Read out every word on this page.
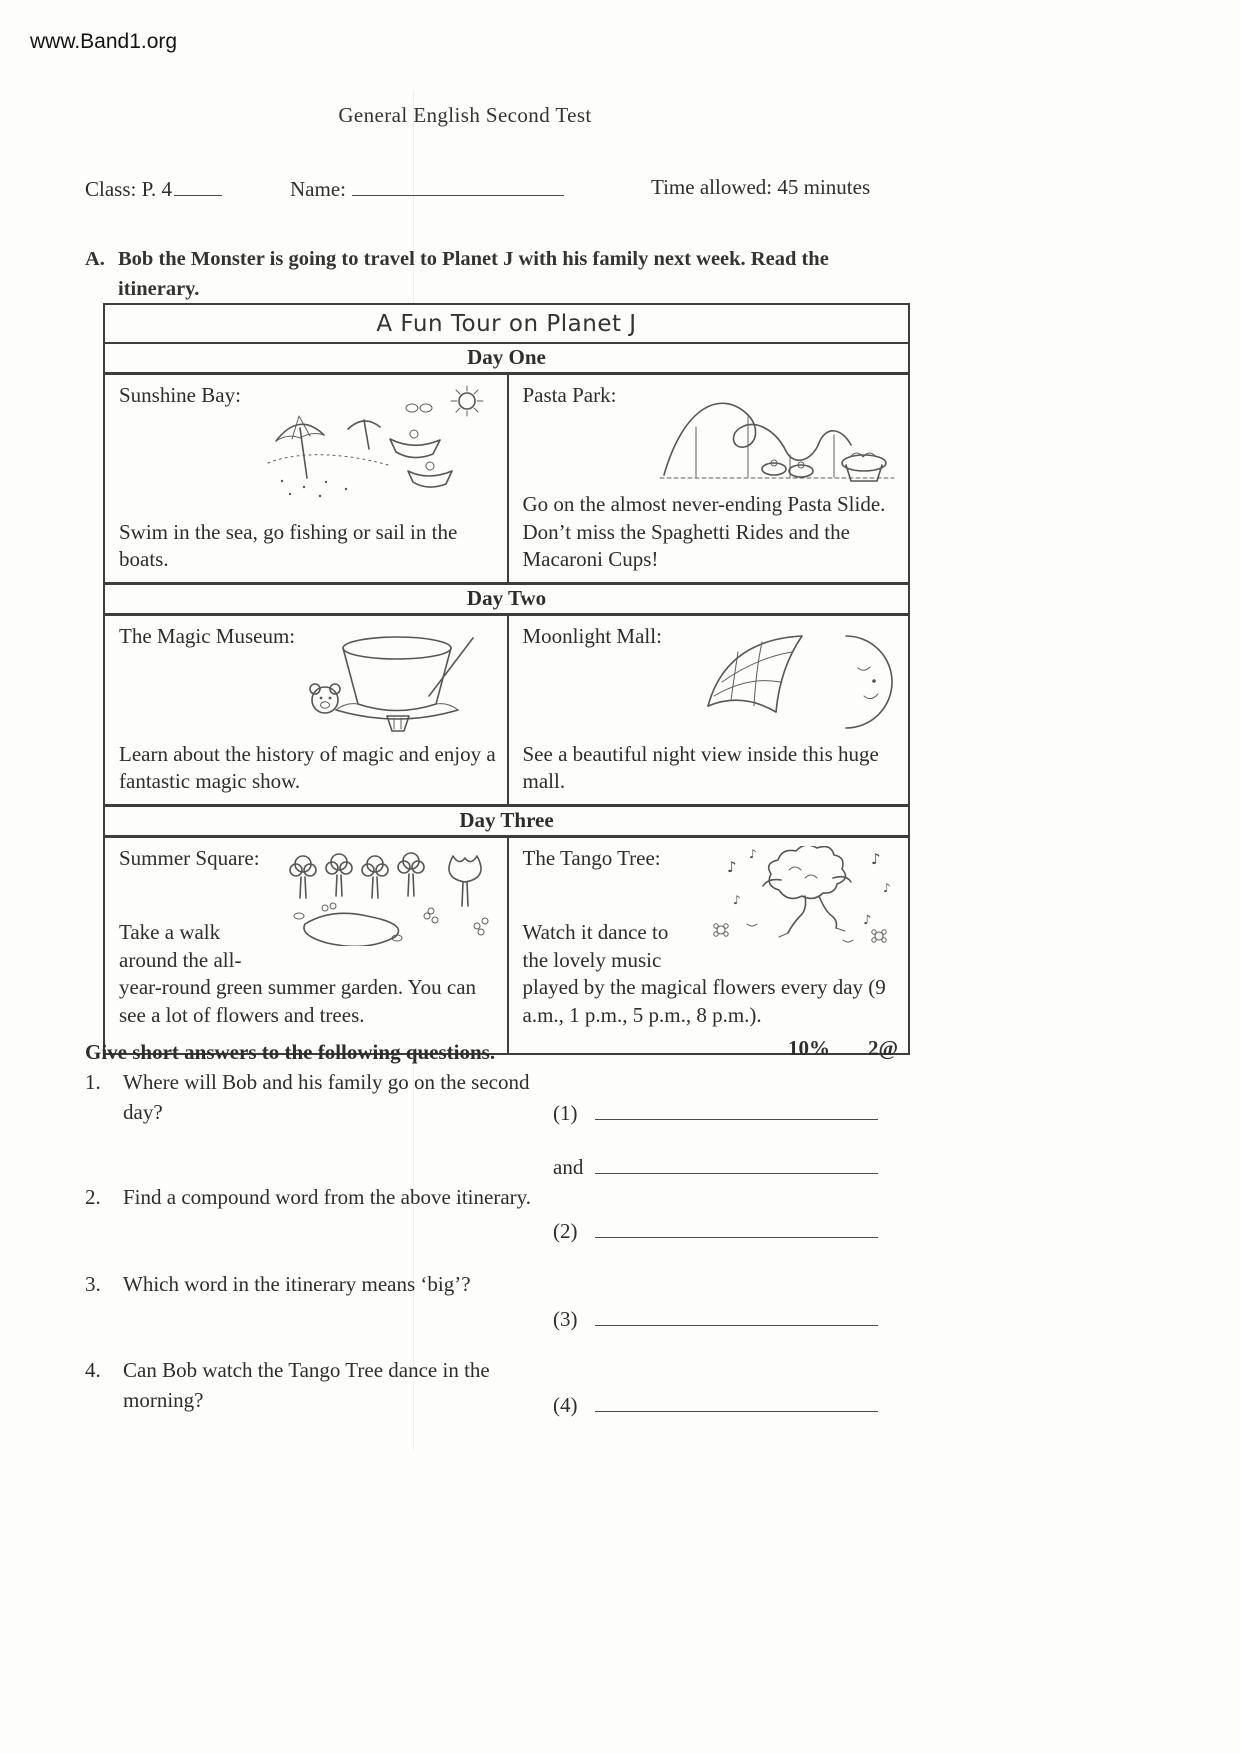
www.Band1.org
General English Second Test
Class: P. 4	Name:	Time allowed: 45 minutes
A. Bob the Monster is going to travel to Planet J with his family next week. Read the itinerary.
A Fun Tour on Planet J
Day One
Sunshine Bay:

Swim in the sea, go fishing or sail in the boats.

Pasta Park:

Go on the almost never-ending Pasta Slide. Don’t miss the Spaghetti Rides and the Macaroni Cups!

Day Two
The Magic Museum:

Learn about the history of magic and enjoy a fantastic magic show.

Moonlight Mall:

See a beautiful night view inside this huge mall.

Day Three
Summer Square:

Take a walk around the all-year-round green summer garden. You can see a lot of flowers and trees.

♪
♪	♪
♪
♪
♪
The Tango Tree:

Watch it dance to the lovely music played by the magical flowers every day (9 a.m., 1 p.m., 5 p.m., 8 p.m.).

Give short answers to the following questions.	10% 2@
1. Where will Bob and his family go on the second day?	(1)
and
2. Find a compound word from the above itinerary.
(2)
3. Which word in the itinerary means ‘big’?
(3)
4. Can Bob watch the Tango Tree dance in the morning?	(4)
